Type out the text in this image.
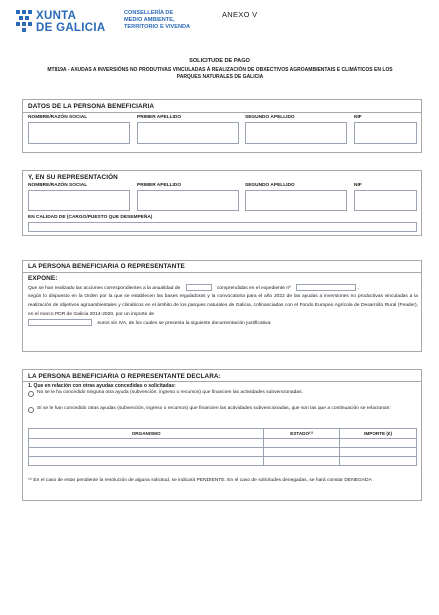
XUNTA
DE GALICIA
CONSELLERÍA DE
MEDIO AMBIENTE,
TERRITORIO E VIVENDA
ANEXO V
SOLICITUDE DE PAGO
MT819A - AXUDAS A INVERSIÓNS NO PRODUTIVAS VINCULADAS Á REALIZACIÓN DE OBXECTIVOS AGROAMBIENTAIS E CLIMÁTICOS EN LOS
PARQUES NATURALES DE GALICIA
DATOS DE LA PERSONA BENEFICIARIA
NOMBRE/RAZÓN SOCIAL	PRIMER APELLIDO	SEGUNDO APELLIDO	NIF
Y, EN SU REPRESENTACIÓN
NOMBRE/RAZÓN SOCIAL	PRIMER APELLIDO	SEGUNDO APELLIDO	NIF
EN CALIDAD DE (CARGO/PUESTO QUE DESEMPEÑA)
LA PERSONA BENEFICIARIA O REPRESENTANTE
EXPONE:
Que se han realizado las acciones correspondientes a la anualidad de	comprendidas en el expediente nº	,
según lo dispuesto en la Orden por la que se establecen las bases reguladoras y la convocatoria para el año 2022 de las ayudas a inversiones no productivas vinculadas a la realización de objetivos agroambientales y climáticos en el ámbito de los parques naturales de Galicia, cofinanciadas con el Fondo Europeo Agrícola de Desarrollo Rural (Feader), en el marco PDR de Galicia 2014-2020, por un importe de
euros sin IVA, de los cuales se presenta la siguiente documentación justificativa:
LA PERSONA BENEFICIARIA O REPRESENTANTE DECLARA:
1. Que en relación con otras ayudas concedidas o solicitadas:
No se le ha concedido ninguna otra ayuda (subvención, ingreso o recursos) que financien las actividades subvencionadas.
Sí se le han concedido otras ayudas (subvención, ingreso o recursos) que financien las actividades subvencionadas, que son las que a continuación se relacionan:
ORGANISMO	ESTADO⁽¹⁾	IMPORTE (€)

⁽¹⁾ En el caso de estar pendiente la resolución de alguna solicitud, se indicará PENDIENTE. En el caso de solicitudes denegadas, se hará constar DENEGADA
